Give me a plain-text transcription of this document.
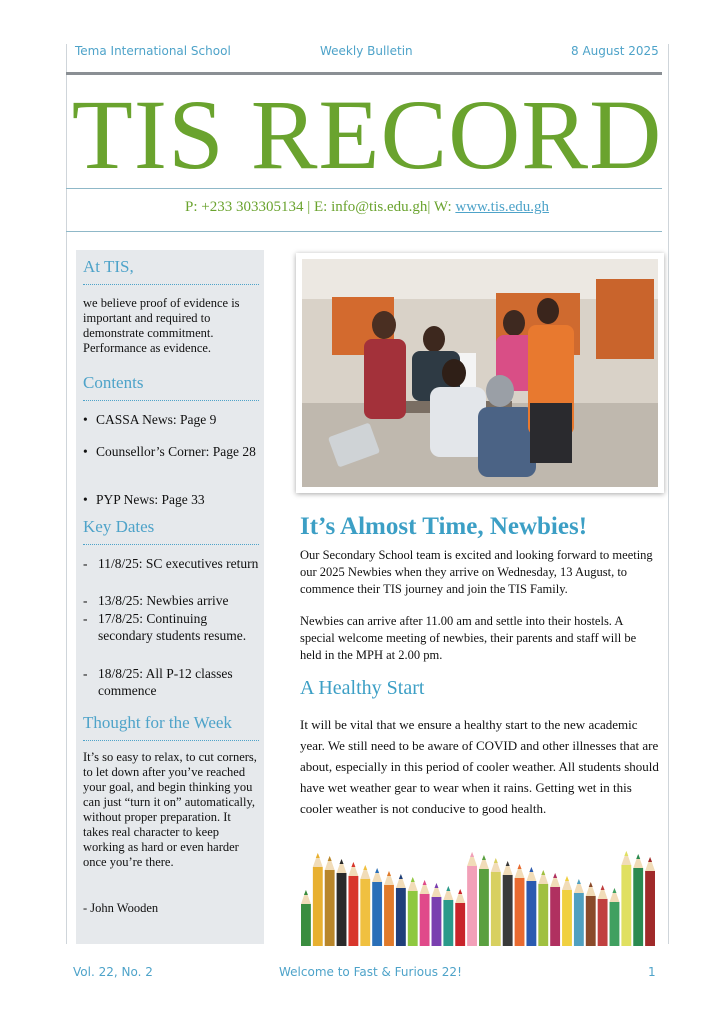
Tema International School	Weekly Bulletin	8 August 2025
TIS RECORD
P: +233 303305134 | E: info@tis.edu.gh| W: www.tis.edu.gh
At TIS,
we believe proof of evidence is important and required to demonstrate commitment. Performance as evidence.
Contents
• CASSA News: Page 9
• Counsellor’s Corner: Page 28
• PYP News: Page 33
Key Dates
- 11/8/25: SC executives return
- 13/8/25: Newbies arrive
- 17/8/25: Continuing secondary students resume.
- 18/8/25: All P-12 classes commence
Thought for the Week
It’s so easy to relax, to cut corners, to let down after you’ve reached your goal, and begin thinking you can just “turn it on” automatically, without proper preparation. It takes real character to keep working as hard or even harder once you’re there.
- John Wooden
It’s Almost Time, Newbies!
Our Secondary School team is excited and looking forward to meeting our 2025 Newbies when they arrive on Wednesday, 13 August, to commence their TIS journey and join the TIS Family.
Newbies can arrive after 11.00 am and settle into their hostels. A special welcome meeting of newbies, their parents and staff will be held in the MPH at 2.00 pm.
A Healthy Start
It will be vital that we ensure a healthy start to the new academic year. We still need to be aware of COVID and other illnesses that are about, especially in this period of cooler weather. All students should have wet weather gear to wear when it rains. Getting wet in this cooler weather is not conducive to good health.
Vol. 22, No. 2	Welcome to Fast & Furious 22!	1
